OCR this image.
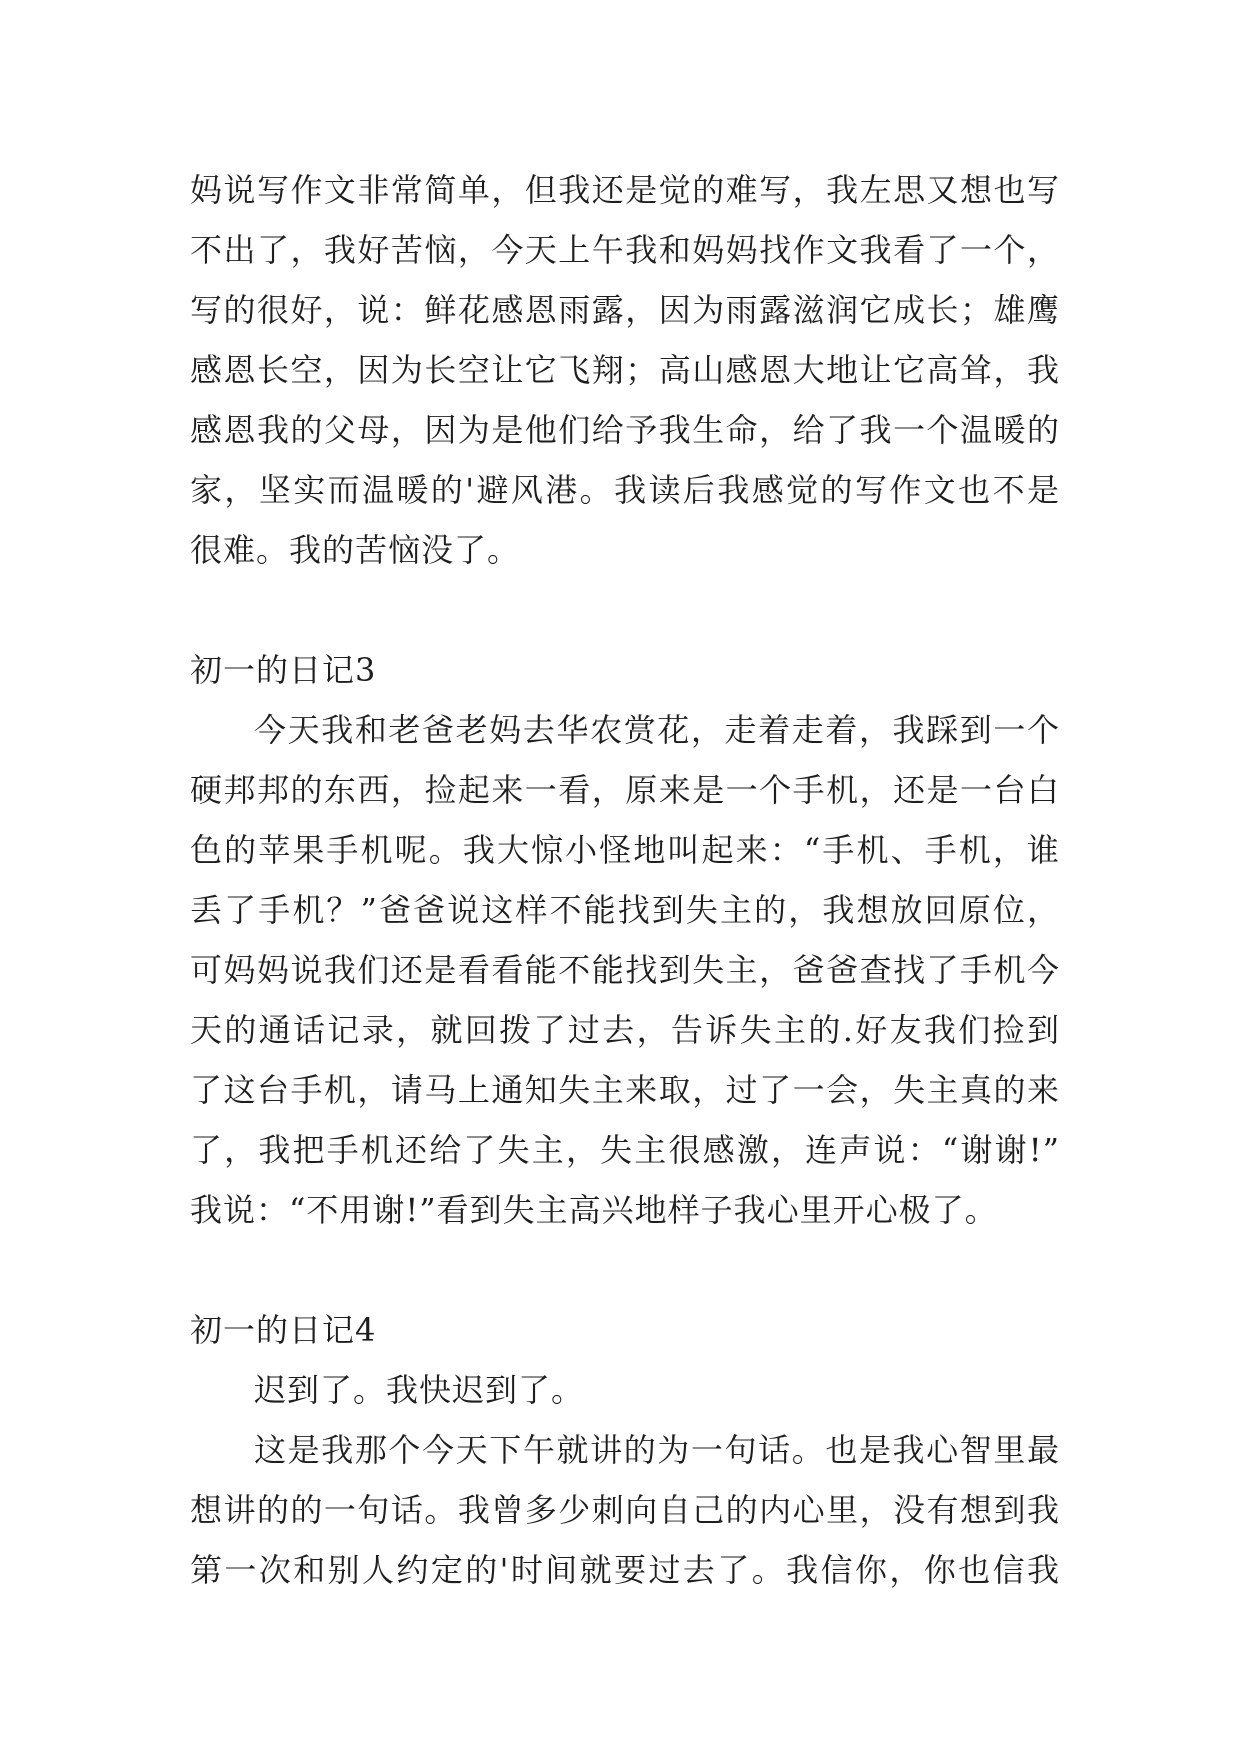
妈说写作文非常简单，但我还是觉的难写，我左思又想也写
不出了，我好苦恼，今天上午我和妈妈找作文我看了一个，
写的很好，说：鲜花感恩雨露，因为雨露滋润它成长；雄鹰
感恩长空，因为长空让它飞翔；高山感恩大地让它高耸，我
感恩我的父母，因为是他们给予我生命，给了我一个温暖的
家，坚实而温暖的'避风港。我读后我感觉的写作文也不是
很难。我的苦恼没了。
初一的日记3
今天我和老爸老妈去华农赏花，走着走着，我踩到一个
硬邦邦的东西，捡起来一看，原来是一个手机，还是一台白
色的苹果手机呢。我大惊小怪地叫起来：“手机、手机，谁
丢了手机？”爸爸说这样不能找到失主的，我想放回原位，
可妈妈说我们还是看看能不能找到失主，爸爸查找了手机今
天的通话记录，就回拨了过去，告诉失主的.好友我们捡到
了这台手机，请马上通知失主来取，过了一会，失主真的来
了，我把手机还给了失主，失主很感激，连声说：“谢谢!”
我说：“不用谢!”看到失主高兴地样子我心里开心极了。
初一的日记4
迟到了。我快迟到了。
这是我那个今天下午就讲的为一句话。也是我心智里最
想讲的的一句话。我曾多少刺向自己的内心里，没有想到我
第一次和别人约定的'时间就要过去了。我信你，你也信我
